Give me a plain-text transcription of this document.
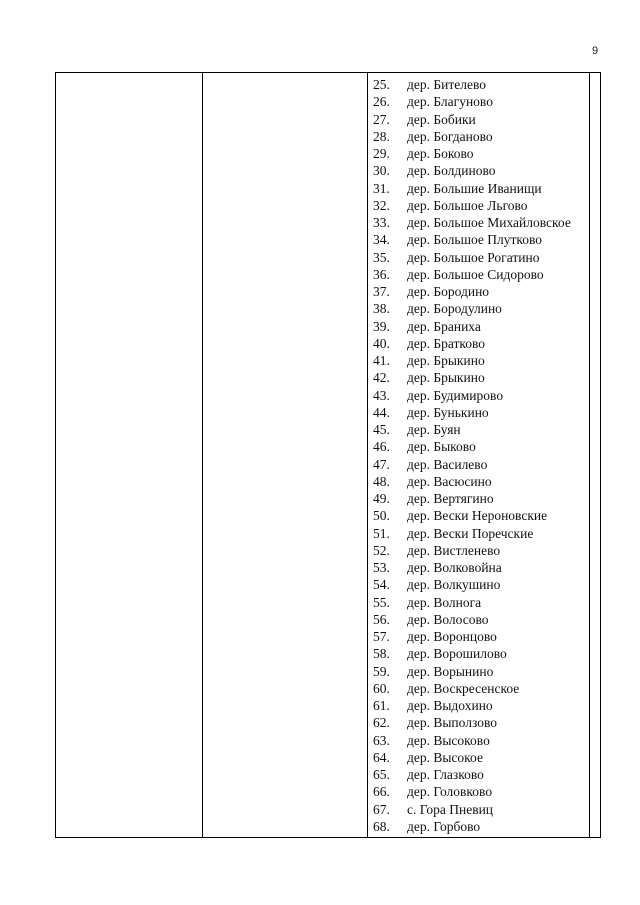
9
25.	дер. Бителево
26.	дер. Благуново
27.	дер. Бобики
28.	дер. Богданово
29.	дер. Боково
30.	дер. Болдиново
31.	дер. Большие Иванищи
32.	дер. Большое Льгово
33.	дер. Большое Михайловское
34.	дер. Большое Плутково
35.	дер. Большое Рогатино
36.	дер. Большое Сидорово
37.	дер. Бородино
38.	дер. Бородулино
39.	дер. Браниха
40.	дер. Братково
41.	дер. Брыкино
42.	дер. Брыкино
43.	дер. Будимирово
44.	дер. Бунькино
45.	дер. Буян
46.	дер. Быково
47.	дер. Василево
48.	дер. Васюсино
49.	дер. Вертягино
50.	дер. Вески Нероновские
51.	дер. Вески Поречские
52.	дер. Вистленево
53.	дер. Волковойна
54.	дер. Волкушино
55.	дер. Волнога
56.	дер. Волосово
57.	дер. Воронцово
58.	дер. Ворошилово
59.	дер. Ворынино
60.	дер. Воскресенское
61.	дер. Выдохино
62.	дер. Выползово
63.	дер. Высоково
64.	дер. Высокое
65.	дер. Глазково
66.	дер. Головково
67.	с. Гора Пневиц
68.	дер. Горбово
